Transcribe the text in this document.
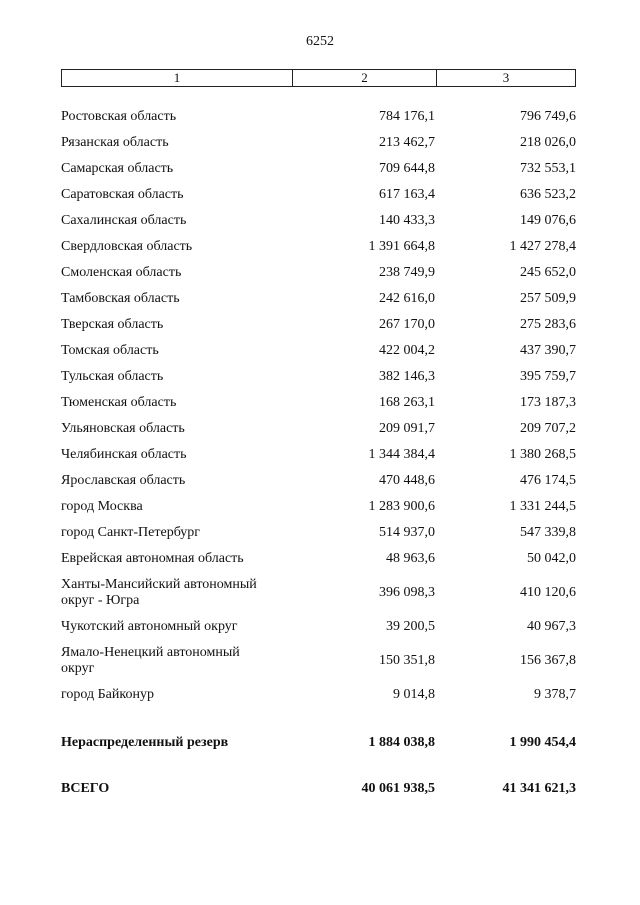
6252
1	2	3
Ростовская область	784 176,1	796 749,6
Рязанская область	213 462,7	218 026,0
Самарская область	709 644,8	732 553,1
Саратовская область	617 163,4	636 523,2
Сахалинская область	140 433,3	149 076,6
Свердловская область	1 391 664,8	1 427 278,4
Смоленская область	238 749,9	245 652,0
Тамбовская область	242 616,0	257 509,9
Тверская область	267 170,0	275 283,6
Томская область	422 004,2	437 390,7
Тульская область	382 146,3	395 759,7
Тюменская область	168 263,1	173 187,3
Ульяновская область	209 091,7	209 707,2
Челябинская область	1 344 384,4	1 380 268,5
Ярославская область	470 448,6	476 174,5
город Москва	1 283 900,6	1 331 244,5
город Санкт-Петербург	514 937,0	547 339,8
Еврейская автономная область	48 963,6	50 042,0
Ханты-Мансийский автономный
округ - Югра
396 098,3	410 120,6
Чукотский автономный округ	39 200,5	40 967,3
Ямало-Ненецкий автономный
округ
150 351,8	156 367,8
город Байконур	9 014,8	9 378,7
Нераспределенный резерв	1 884 038,8	1 990 454,4
ВСЕГО	40 061 938,5	41 341 621,3
